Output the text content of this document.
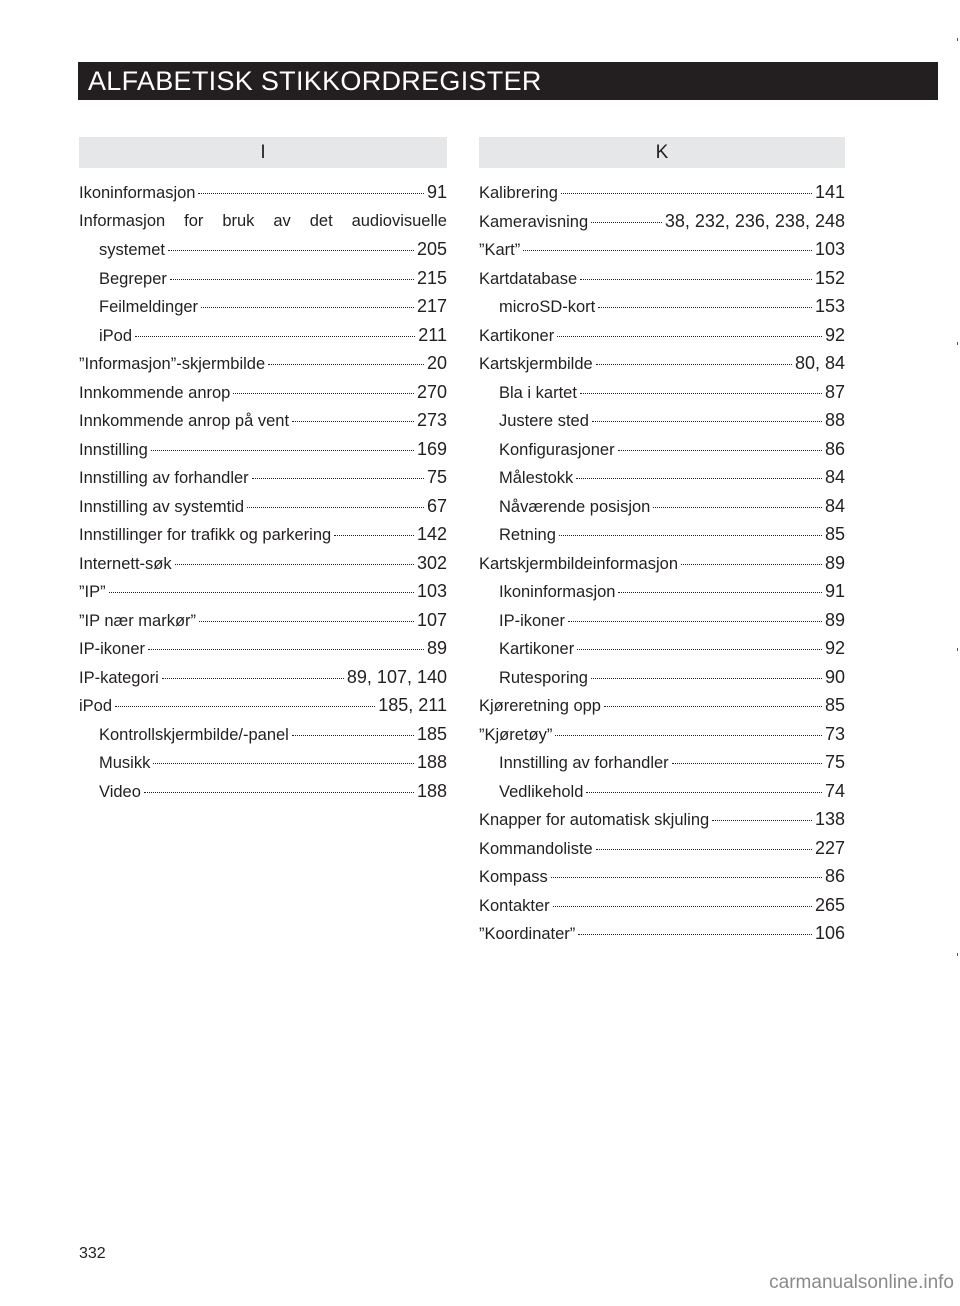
ALFABETISK STIKKORDREGISTER
I
Ikoninformasjon	91
Informasjon for bruk av det audiovisuelle
systemet	205
Begreper	215
Feilmeldinger	217
iPod	211
”Informasjon”-skjermbilde	20
Innkommende anrop	270
Innkommende anrop på vent	273
Innstilling	169
Innstilling av forhandler	75
Innstilling av systemtid	67
Innstillinger for trafikk og parkering	142
Internett-søk	302
”IP”	103
”IP nær markør”	107
IP-ikoner	89
IP-kategori	89, 107, 140
iPod	185, 211
Kontrollskjermbilde/-panel	185
Musikk	188
Video	188
K
Kalibrering	141
Kameravisning	38, 232, 236, 238, 248
”Kart”	103
Kartdatabase	152
microSD-kort	153
Kartikoner	92
Kartskjermbilde	80, 84
Bla i kartet	87
Justere sted	88
Konfigurasjoner	86
Målestokk	84
Nåværende posisjon	84
Retning	85
Kartskjermbildeinformasjon	89
Ikoninformasjon	91
IP-ikoner	89
Kartikoner	92
Rutesporing	90
Kjøreretning opp	85
”Kjøretøy”	73
Innstilling av forhandler	75
Vedlikehold	74
Knapper for automatisk skjuling	138
Kommandoliste	227
Kompass	86
Kontakter	265
”Koordinater”	106
332
carmanualsonline.info
